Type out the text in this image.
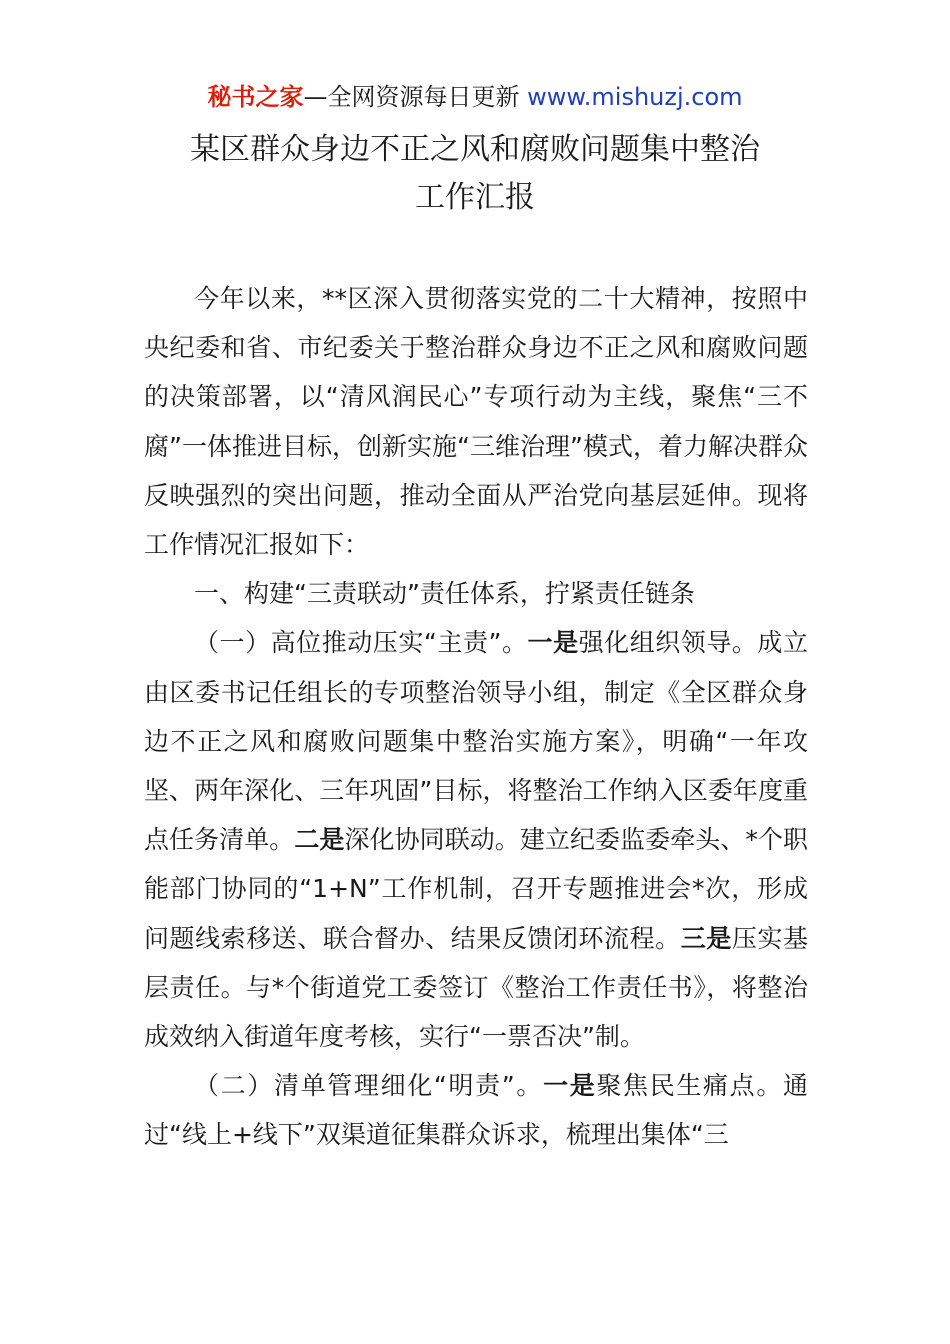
秘书之家—全网资源每日更新 www.mishuzj.com
某区群众身边不正之风和腐败问题集中整治
工作汇报

今年以来，**区深入贯彻落实党的二十大精神，按照中央纪委和省、市纪委关于整治群众身边不正之风和腐败问题的决策部署，以“清风润民心”专项行动为主线，聚焦“三不腐”一体推进目标，创新实施“三维治理”模式，着力解决群众反映强烈的突出问题，推动全面从严治党向基层延伸。现将工作情况汇报如下：

一、构建“三责联动”责任体系，拧紧责任链条

（一）高位推动压实“主责”。一是强化组织领导。成立由区委书记任组长的专项整治领导小组，制定《全区群众身边不正之风和腐败问题集中整治实施方案》，明确“一年攻坚、两年深化、三年巩固”目标，将整治工作纳入区委年度重点任务清单。二是深化协同联动。建立纪委监委牵头、*个职能部门协同的“1+N”工作机制，召开专题推进会*次，形成问题线索移送、联合督办、结果反馈闭环流程。三是压实基层责任。与*个街道党工委签订《整治工作责任书》，将整治成效纳入街道年度考核，实行“一票否决”制。

（二）清单管理细化“明责”。一是聚焦民生痛点。通过“线上+线下”双渠道征集群众诉求，梳理出集体“三
